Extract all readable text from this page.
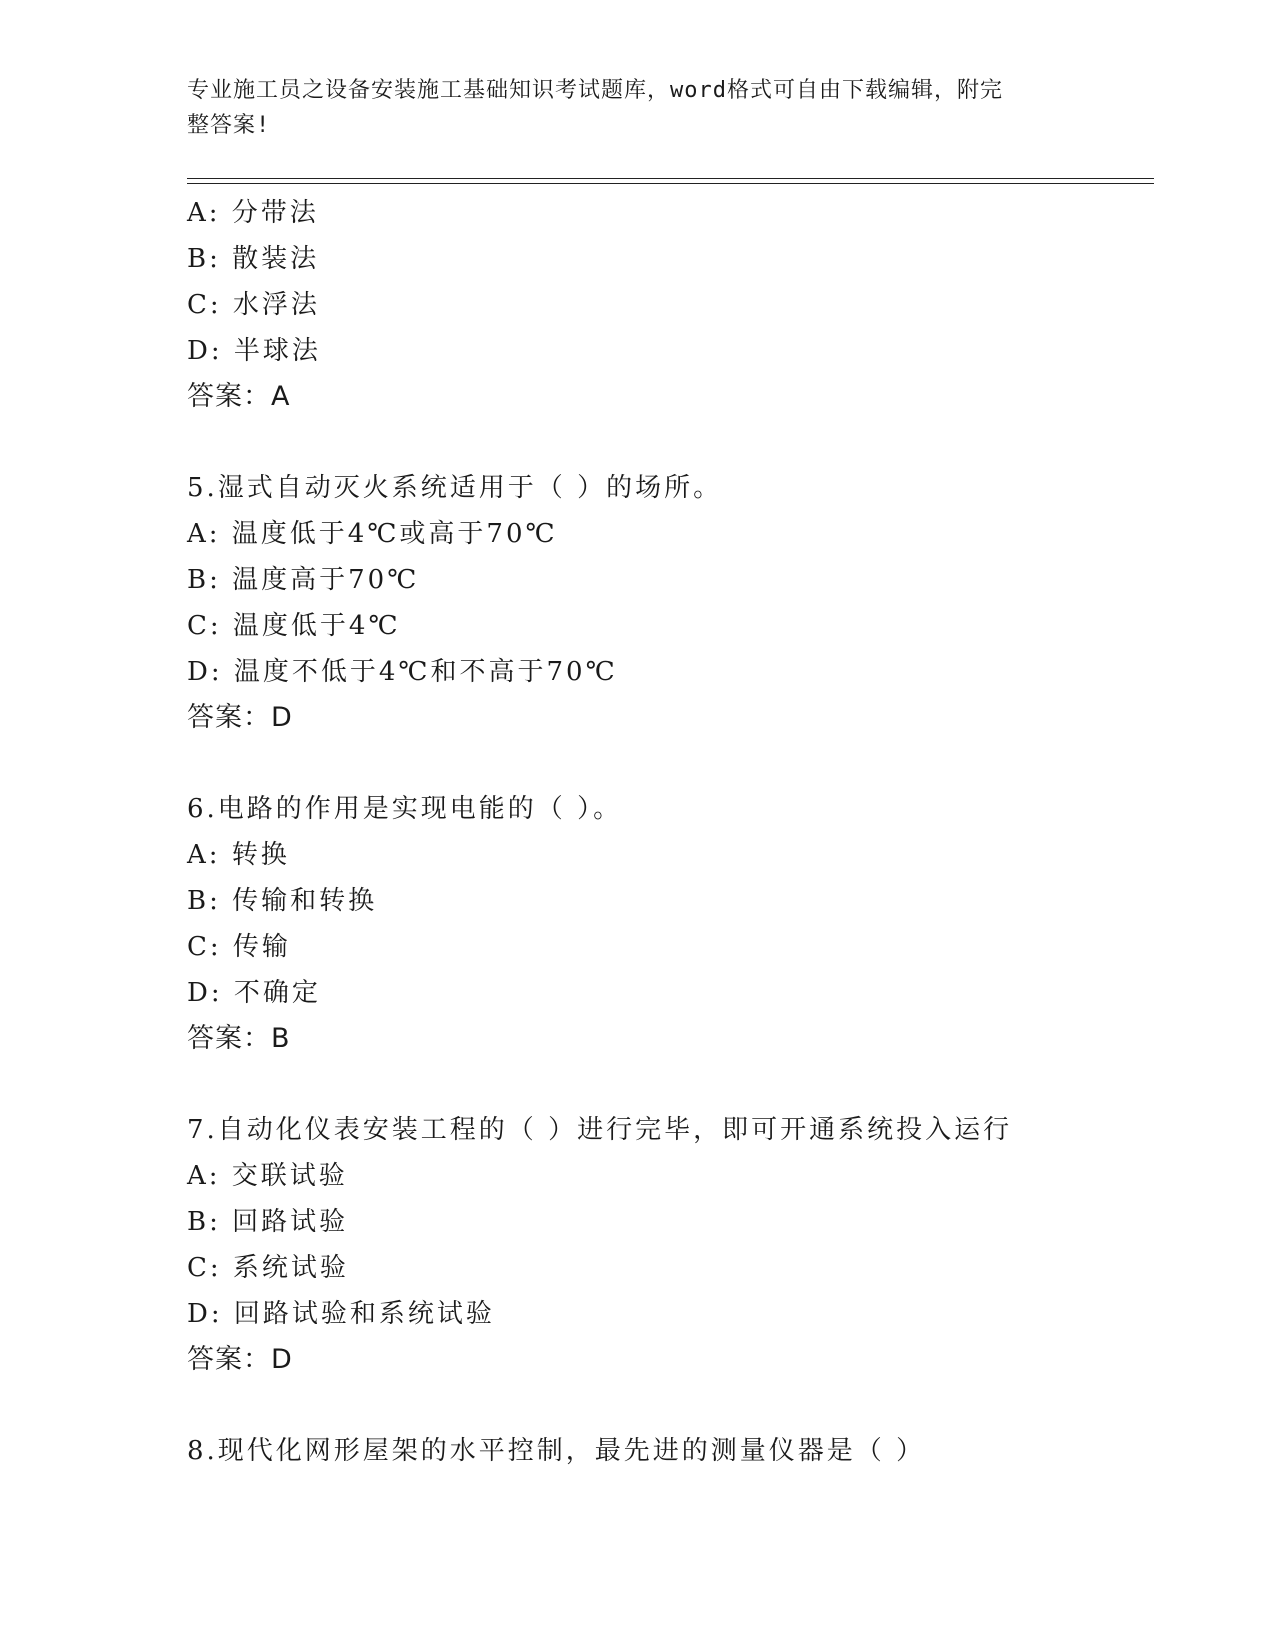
专业施工员之设备安装施工基础知识考试题库，word格式可自由下载编辑，附完
整答案!
A: 分带法
B: 散装法
C: 水浮法
D: 半球法
答案：A
5.湿式自动灭火系统适用于（ ）的场所。
A: 温度低于4℃或高于70℃
B: 温度高于70℃
C: 温度低于4℃
D: 温度不低于4℃和不高于70℃
答案：D
6.电路的作用是实现电能的（ ）。
A: 转换
B: 传输和转换
C: 传输
D: 不确定
答案：B
7.自动化仪表安装工程的（ ）进行完毕，即可开通系统投入运行
A: 交联试验
B: 回路试验
C: 系统试验
D: 回路试验和系统试验
答案：D
8.现代化网形屋架的水平控制，最先进的测量仪器是（ ）
